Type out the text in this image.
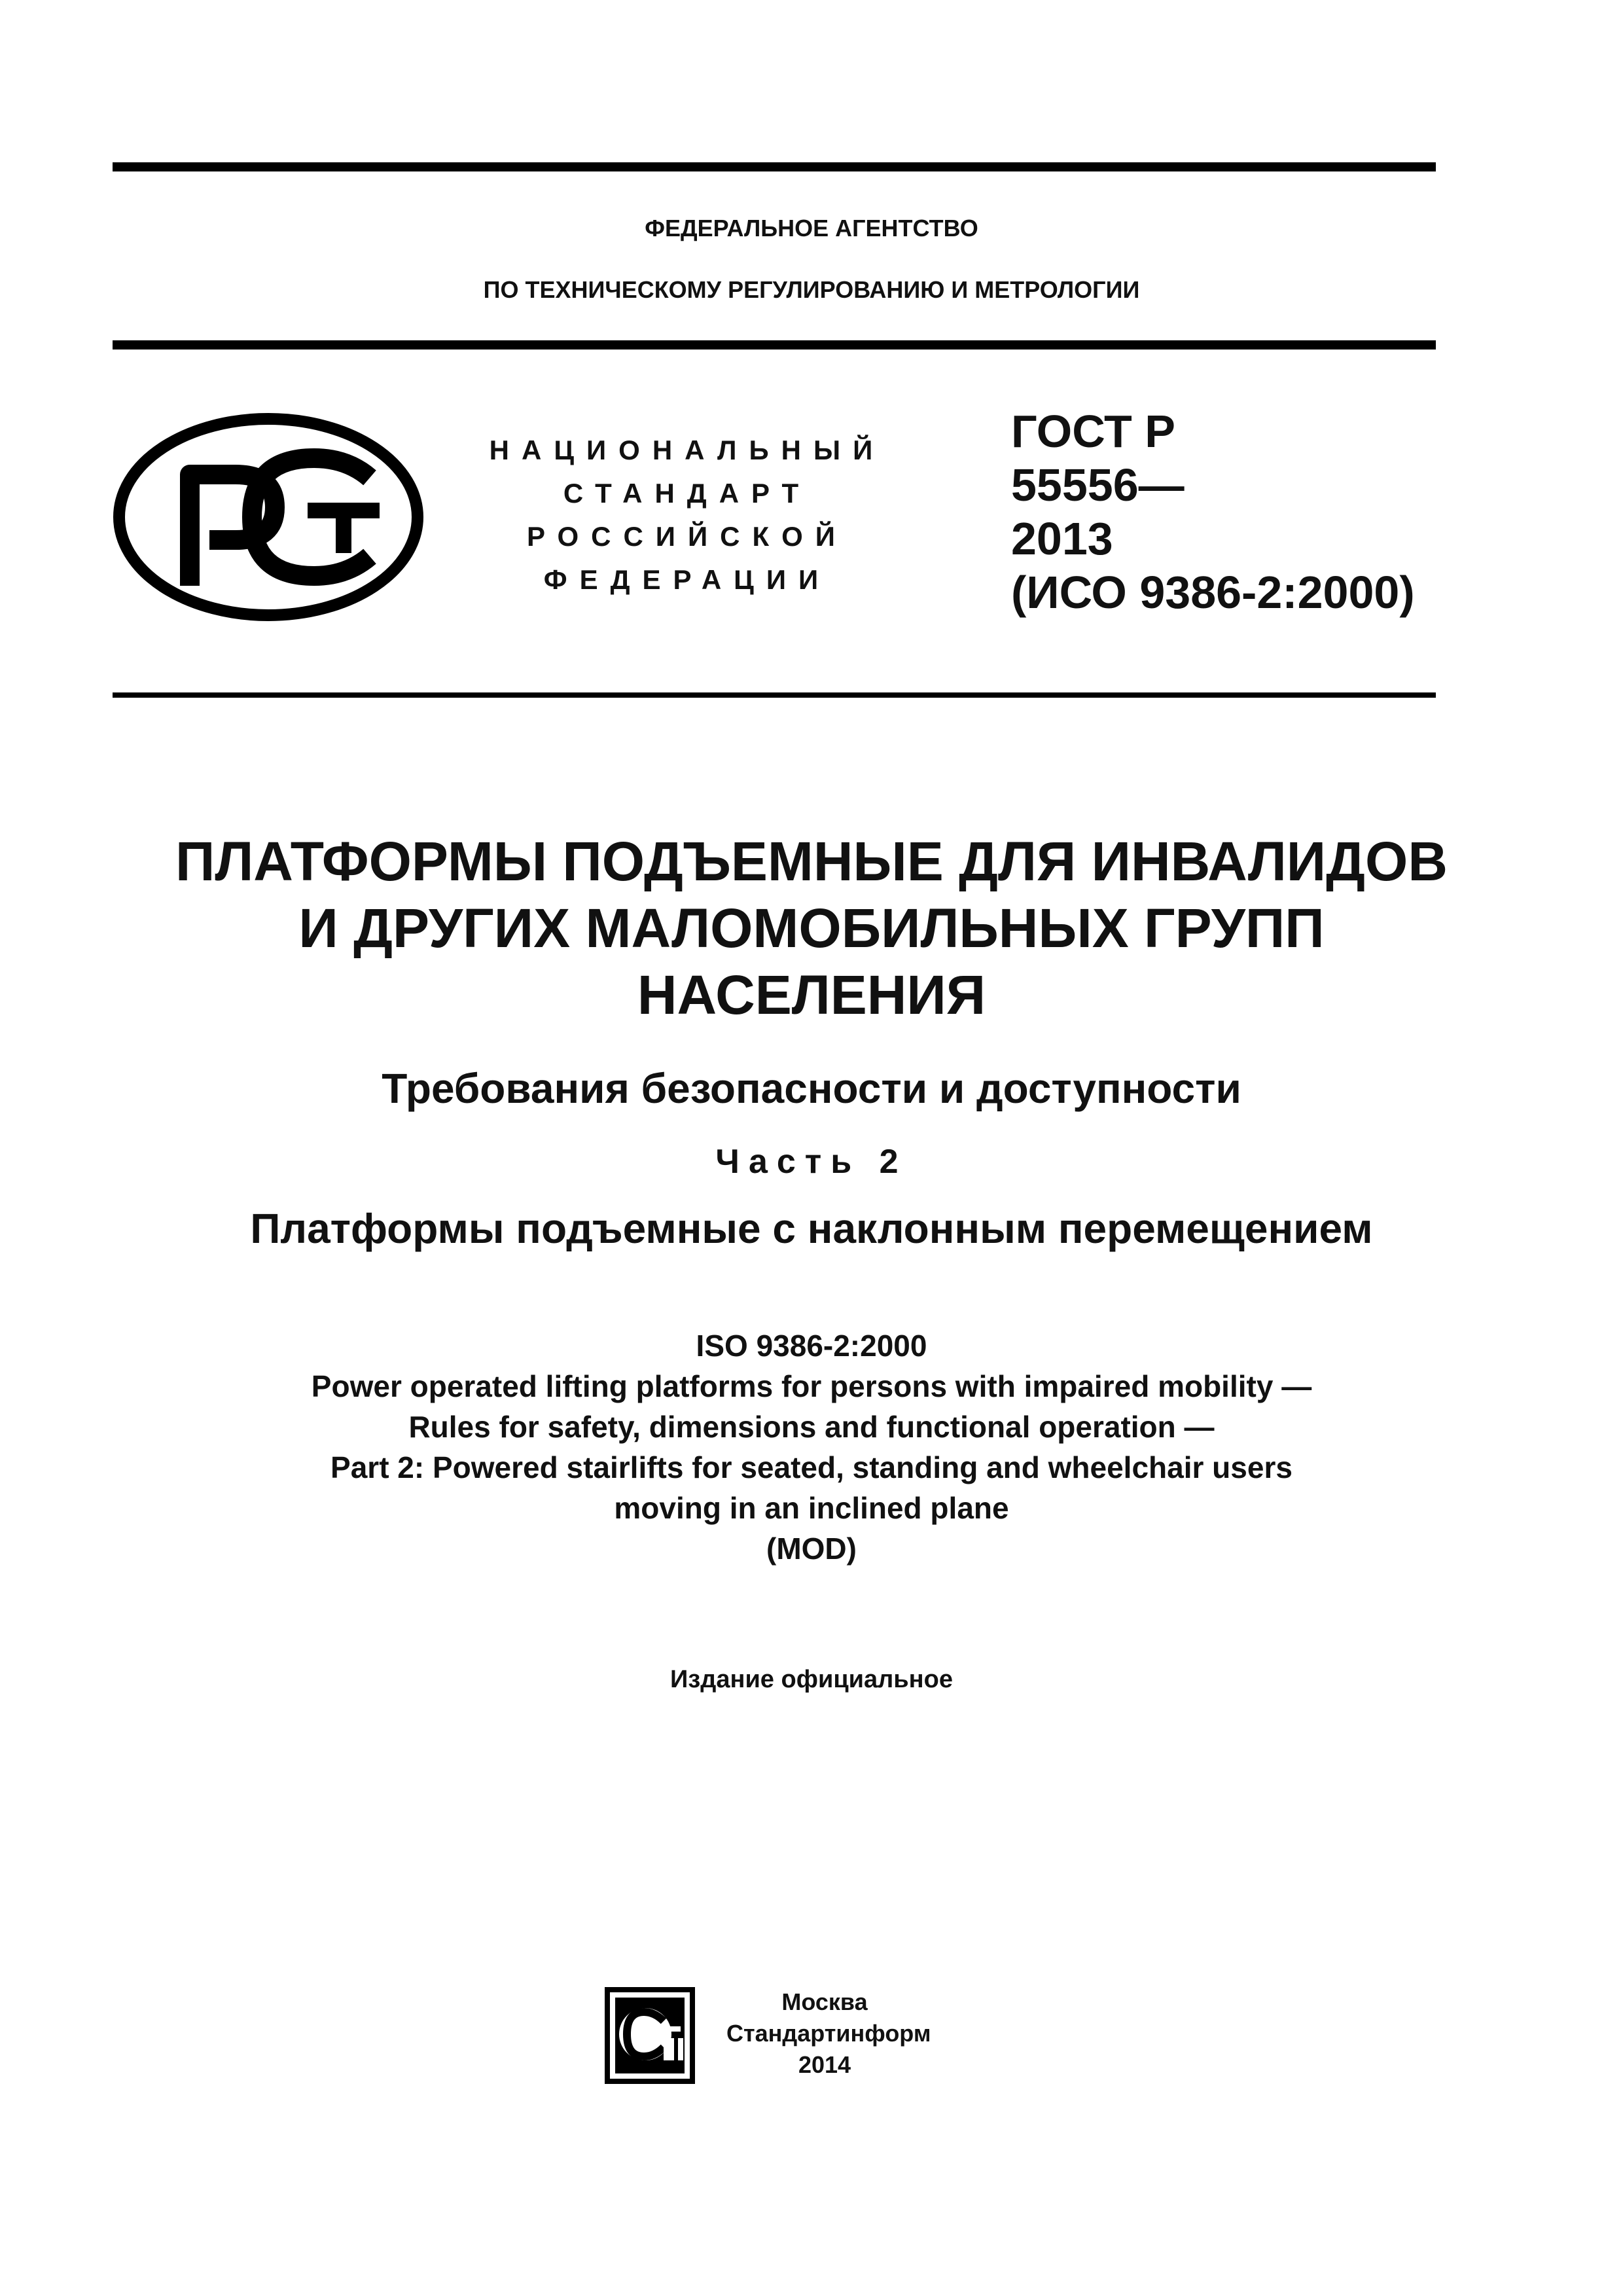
ФЕДЕРАЛЬНОЕ АГЕНТСТВО
ПО ТЕХНИЧЕСКОМУ РЕГУЛИРОВАНИЮ И МЕТРОЛОГИИ
НАЦИОНАЛЬНЫЙ
СТАНДАРТ
РОССИЙСКОЙ
ФЕДЕРАЦИИ
ГОСТ Р
55556—
2013
(ИСО 9386-2:2000)
ПЛАТФОРМЫ ПОДЪЕМНЫЕ ДЛЯ ИНВАЛИДОВ
И ДРУГИХ МАЛОМОБИЛЬНЫХ ГРУПП
НАСЕЛЕНИЯ
Требования безопасности и доступности
Часть 2
Платформы подъемные с наклонным перемещением
ISO 9386-2:2000
Power operated lifting platforms for persons with impaired mobility —
Rules for safety, dimensions and functional operation —
Part 2: Powered stairlifts for seated, standing and wheelchair users
moving in an inclined plane
(MOD)
Издание официальное
Москва
Стандартинформ
2014
